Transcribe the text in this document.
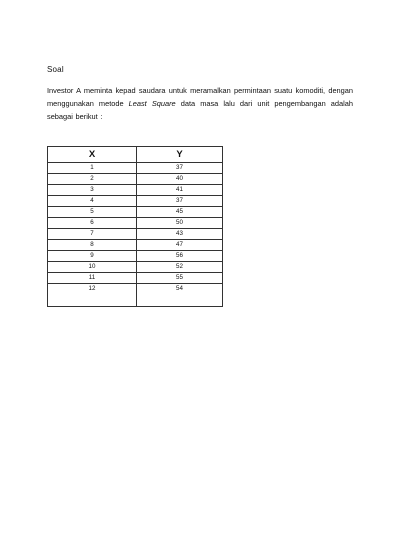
Soal

Investor A meminta kepad saudara untuk meramalkan permintaan suatu komoditi, dengan menggunakan metode Least Square data masa lalu dari unit pengembangan adalah sebagai berikut :

X	Y
1	37
2	40
3	41
4	37
5	45
6	50
7	43
8	47
9	56
10	52
11	55
12	54
